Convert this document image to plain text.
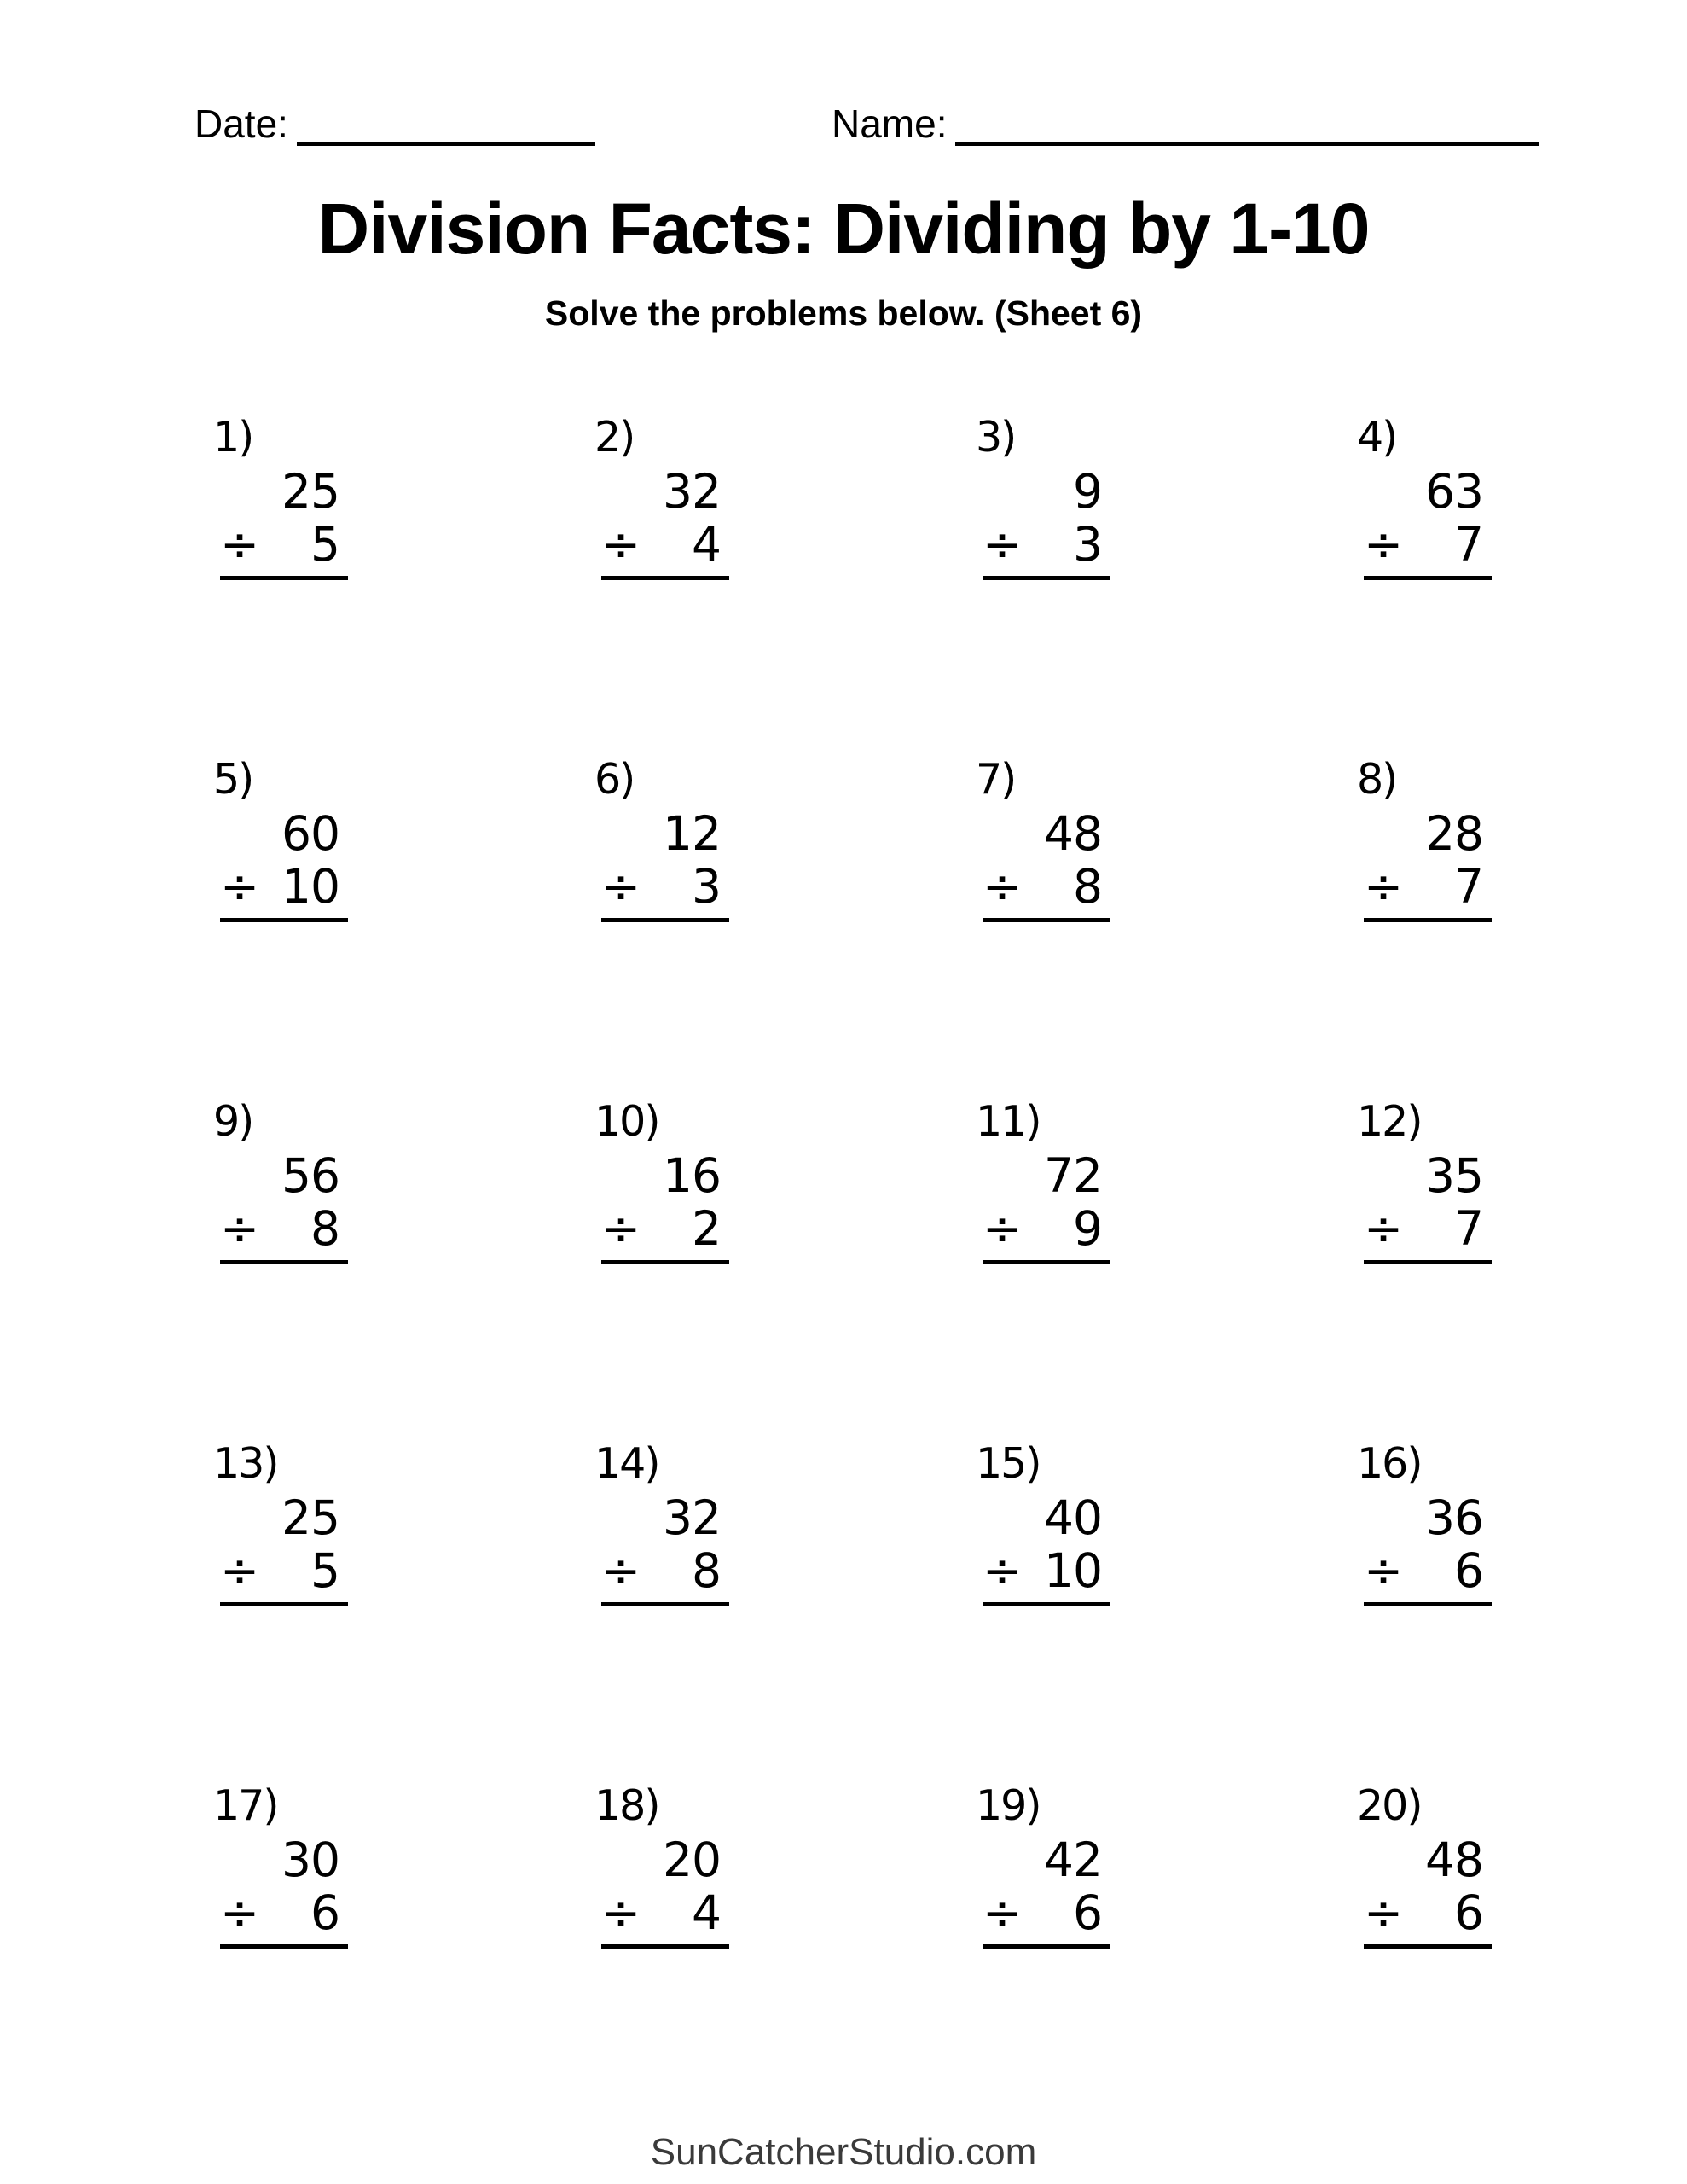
Date:	Name:
Division Facts: Dividing by 1-10
Solve the problems below. (Sheet 6)
1)
25
÷ 5
2)
32
÷ 4
3)
9
÷ 3
4)
63
÷ 7
5)
60
÷ 10
6)
12
÷ 3
7)
48
÷ 8
8)
28
÷ 7
9)
56
÷ 8
10)
16
÷ 2
11)
72
÷ 9
12)
35
÷ 7
13)
25
÷ 5
14)
32
÷ 8
15)
40
÷ 10
16)
36
÷ 6
17)
30
÷ 6
18)
20
÷ 4
19)
42
÷ 6
20)
48
÷ 6
SunCatcherStudio.com
